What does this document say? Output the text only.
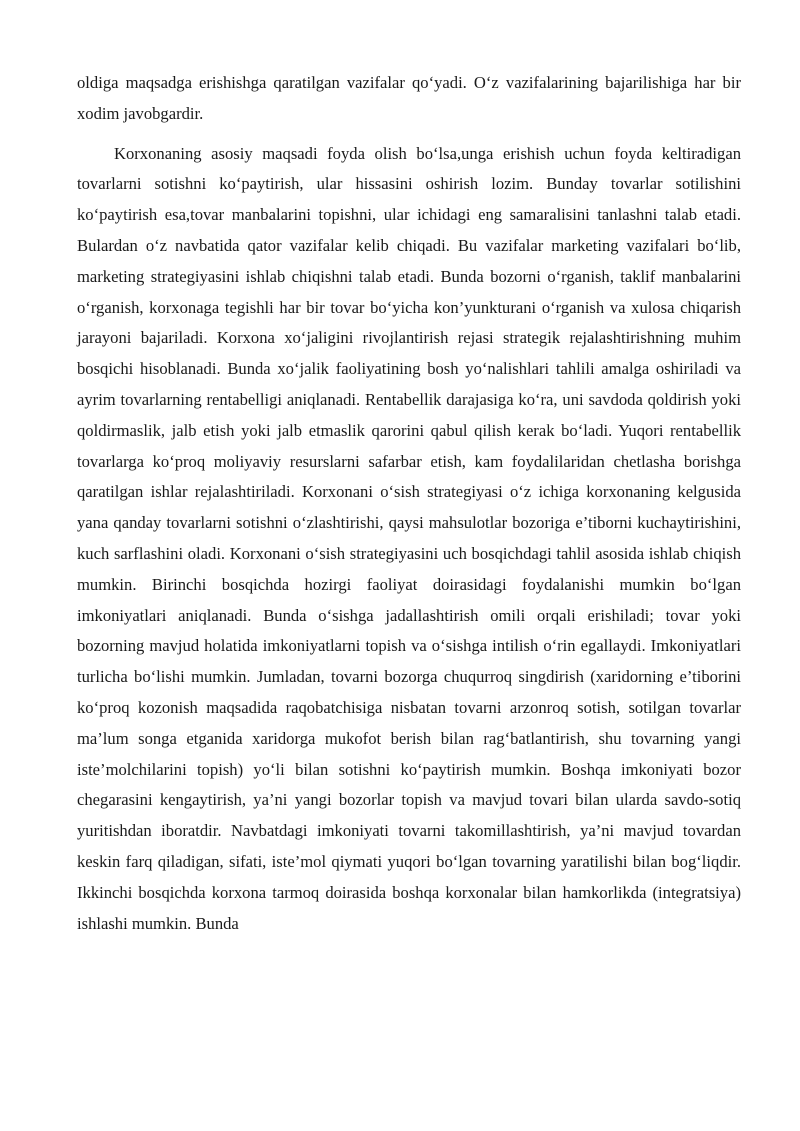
oldiga maqsadga erishishga qaratilgan vazifalar qo‘yadi. O‘z vazifalarining bajarilishiga har bir xodim javobgardir.

Korxonaning asosiy maqsadi foyda olish bo‘lsa,unga erishish uchun foyda keltiradigan tovarlarni sotishni ko‘paytirish, ular hissasini oshirish lozim. Bunday tovarlar sotilishini ko‘paytirish esa,tovar manbalarini topishni, ular ichidagi eng samaralisini tanlashni talab etadi. Bulardan o‘z navbatida qator vazifalar kelib chiqadi. Bu vazifalar marketing vazifalari bo‘lib, marketing strategiyasini ishlab chiqishni talab etadi. Bunda bozorni o‘rganish, taklif manbalarini o‘rganish, korxonaga tegishli har bir tovar bo‘yicha kon’yunkturani o‘rganish va xulosa chiqarish jarayoni bajariladi. Korxona xo‘jaligini rivojlantirish rejasi strategik rejalashtirishning muhim bosqichi hisoblanadi. Bunda xo‘jalik faoliyatining bosh yo‘nalishlari tahlili amalga oshiriladi va ayrim tovarlarning rentabelligi aniqlanadi. Rentabellik darajasiga ko‘ra, uni savdoda qoldirish yoki qoldirmaslik, jalb etish yoki jalb etmaslik qarorini qabul qilish kerak bo‘ladi. Yuqori rentabellik tovarlarga ko‘proq moliyaviy resurslarni safarbar etish, kam foydalilaridan chetlasha borishga qaratilgan ishlar rejalashtiriladi. Korxonani o‘sish strategiyasi o‘z ichiga korxonaning kelgusida yana qanday tovarlarni sotishni o‘zlashtirishi, qaysi mahsulotlar bozoriga e’tiborni kuchaytirishini, kuch sarflashini oladi. Korxonani o‘sish strategiyasini uch bosqichdagi tahlil asosida ishlab chiqish mumkin. Birinchi bosqichda hozirgi faoliyat doirasidagi foydalanishi mumkin bo‘lgan imkoniyatlari aniqlanadi. Bunda o‘sishga jadallashtirish omili orqali erishiladi; tovar yoki bozorning mavjud holatida imkoniyatlarni topish va o‘sishga intilish o‘rin egallaydi. Imkoniyatlari turlicha bo‘lishi mumkin. Jumladan, tovarni bozorga chuqurroq singdirish (xaridorning e’tiborini ko‘proq kozonish maqsadida raqobatchisiga nisbatan tovarni arzonroq sotish, sotilgan tovarlar ma’lum songa etganida xaridorga mukofot berish bilan rag‘batlantirish, shu tovarning yangi iste’molchilarini topish) yo‘li bilan sotishni ko‘paytirish mumkin. Boshqa imkoniyati bozor chegarasini kengaytirish, ya’ni yangi bozorlar topish va mavjud tovari bilan ularda savdo-sotiq yuritishdan iboratdir. Navbatdagi imkoniyati tovarni takomillashtirish, ya’ni mavjud tovardan keskin farq qiladigan, sifati, iste’mol qiymati yuqori bo‘lgan tovarning yaratilishi bilan bog‘liqdir. Ikkinchi bosqichda korxona tarmoq doirasida boshqa korxonalar bilan hamkorlikda (integratsiya) ishlashi mumkin. Bunda
